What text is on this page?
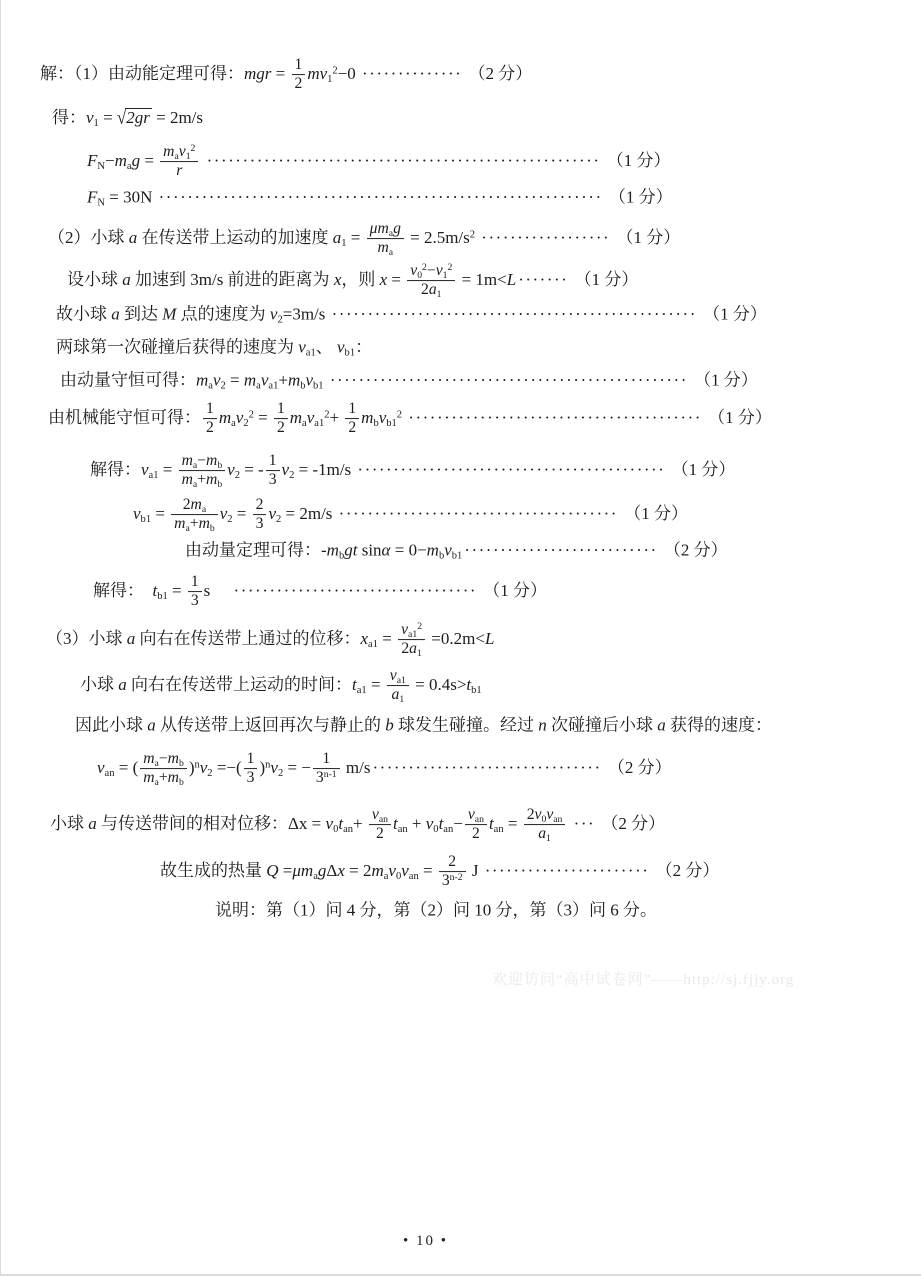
解：（1）由动能定理可得：mgr = $\frac{1}{2} mv_1^2-0$ ·············· （2 分）
得：$v_1 = √2gr = 2m/s$
$F_N-m_ag = \frac{m_av_1^2}{r}$ ······················································· （1 分）
$F_N = 30N$ ······························································ （1 分）
（2）小球 a 在传送带上运动的加速度 $a_1 = \frac{\mu m_ag}{m_a} = 2.5m/s^2$ ·················· （1 分）
设小球 a 加速到 3m/s 前进的距离为 x，则 $x = \frac{v_0^2-v_1^2}{2a_1} = 1m<L$ ······· （1 分）
故小球 a 到达 M 点的速度为 $v_2=3m/s$ ··················································· （1 分）
两球第一次碰撞后获得的速度为 $v_{a1}$、 $v_{b1}$：
由动量守恒可得：$m_av_2 = m_av_{a1}+m_bv_{b1}$ ·················································· （1 分）
由机械能守恒可得： $\frac{1}{2} m_av_2^2 = \frac{1}{2} m_av_{a1}^2+ \frac{1}{2} m_bv_{b1}^2$ ········································· （1 分）
解得：$v_{a1} = \frac{m_a-m_b}{m_a+m_b} v_2$ = - $\frac{1}{3} v_2 = -1m/s$ ··········································· （1 分）
$v_{b1} = \frac{2m_a}{m_a+m_b} v_2 = \frac{2}{3} v_2 = 2m/s$ ······································· （1 分）
由动量定理可得：$-m_bgt$ $\sin\alpha = 0-m_bv_{b1}$ ··························· （2 分）
解得：　$t_{b1} = \frac{1}{3}$ s　 ·································· （1 分）
（3）小球 a 向右在传送带上通过的位移：$x_{a1} = \frac{v_{a1}^2}{2a_1} =0.2m<L$
小球 a 向右在传送带上运动的时间：$t_{a1} = \frac{v_{a1}}{a_1} = 0.4s>t_{b1}$
因此小球 a 从传送带上返回再次与静止的 b 球发生碰撞。经过 n 次碰撞后小球 a 获得的速度：
$v_{an}$ = ( $\frac{m_a-m_b}{m_a+m_b} )^nv_2$ =−( $\frac{1}{3} )^nv_2$ = − $\frac{1}{3^{n-1}} m/s$ ································ （2 分）
小球 a 与传送带间的相对位移：$\Delta x = v_0t_{an}+ \frac{v_{an}}{2} t_{an} + v_0t_{an}- \frac{v_{an}}{2} t_{an} = \frac{2v_0v_{an}}{a_1}$ ··· （2 分）
故生成的热量 $Q =\mu m_ag\Delta x = 2m_av_0v_{an} = \frac{2}{3^{n-2}}$ J ······················· （2 分）
说明：第（1）问 4 分，第（2）问 10 分，第（3）问 6 分。
欢迎访问“高中试卷网”——http://sj.fjjy.org
• 10 •
